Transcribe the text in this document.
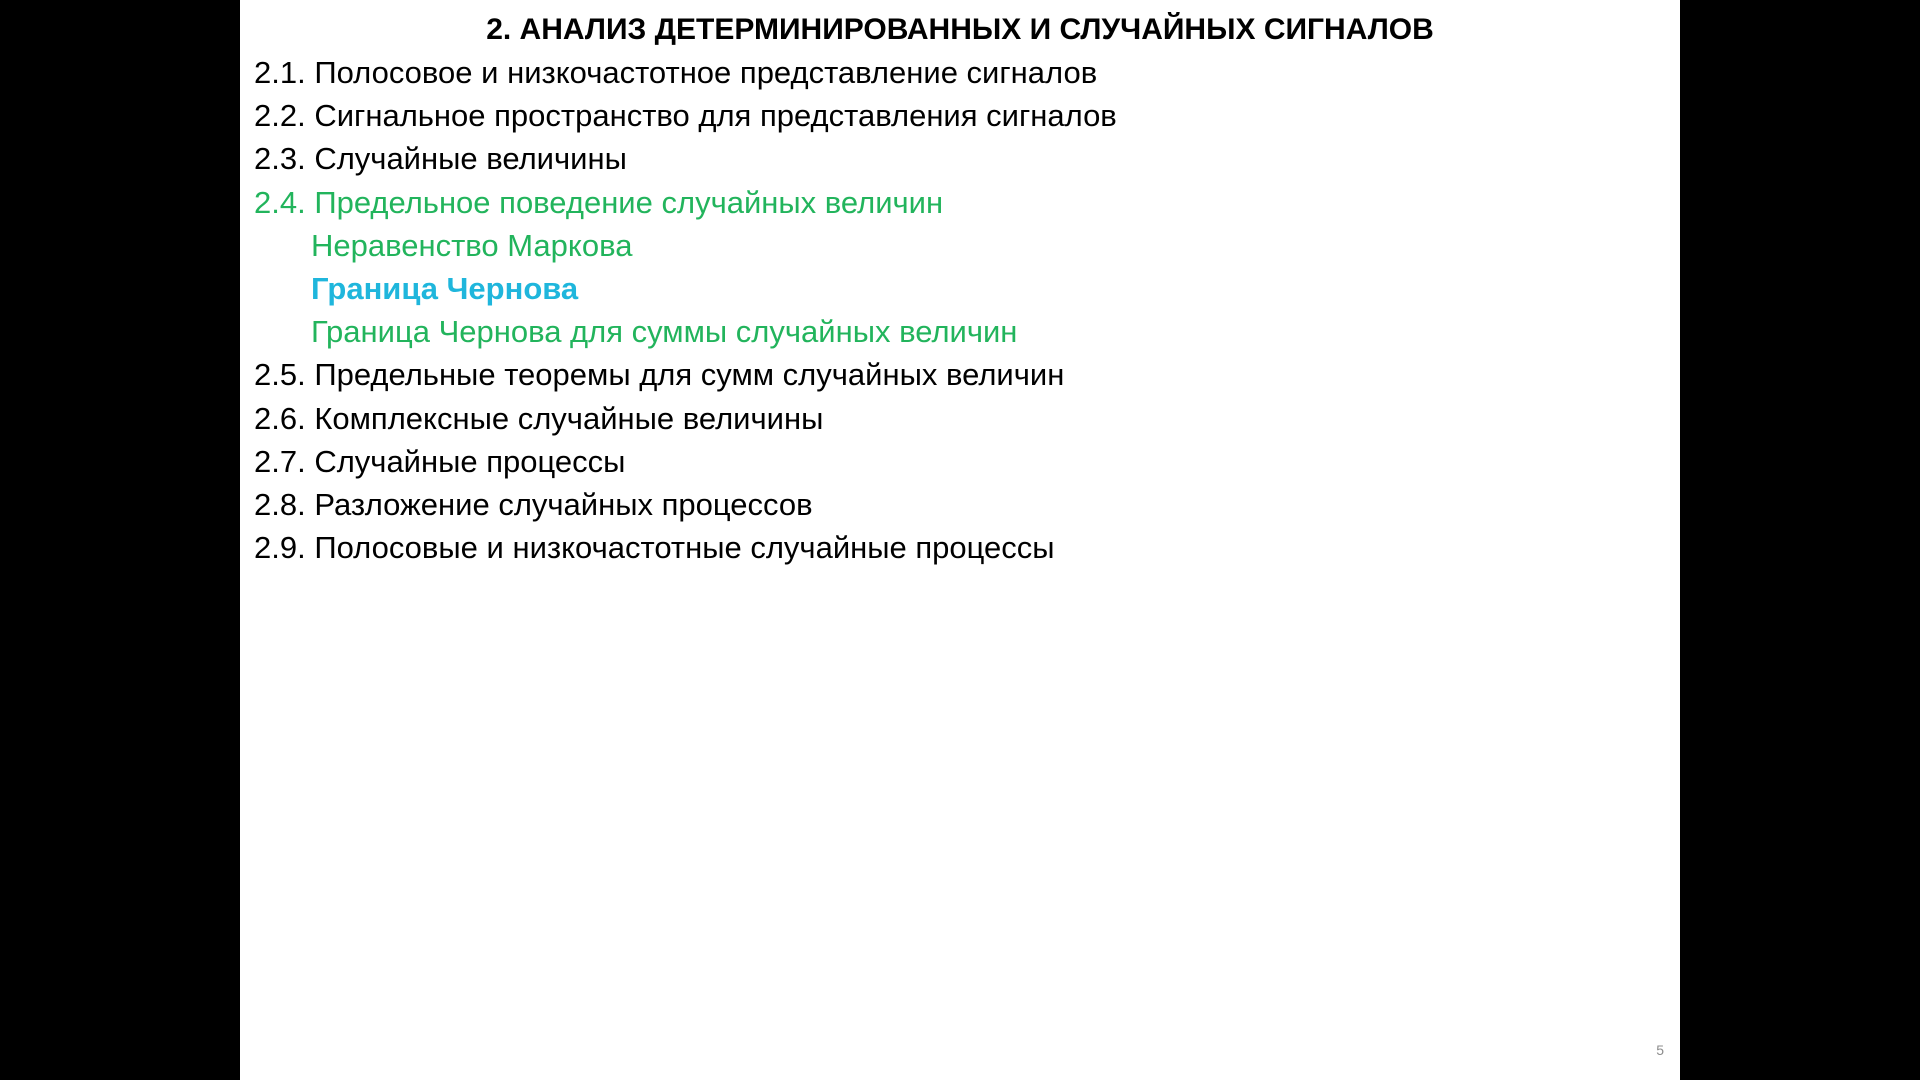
2. АНАЛИЗ ДЕТЕРМИНИРОВАННЫХ И СЛУЧАЙНЫХ СИГНАЛОВ
2.1. Полосовое и низкочастотное представление сигналов
2.2. Сигнальное пространство для представления сигналов
2.3. Случайные величины
2.4. Предельное поведение случайных величин
Неравенство Маркова
Граница Чернова
Граница Чернова для суммы случайных величин
2.5. Предельные теоремы для сумм случайных величин
2.6. Комплексные случайные величины
2.7. Случайные процессы
2.8. Разложение случайных процессов
2.9. Полосовые и низкочастотные случайные процессы
5
